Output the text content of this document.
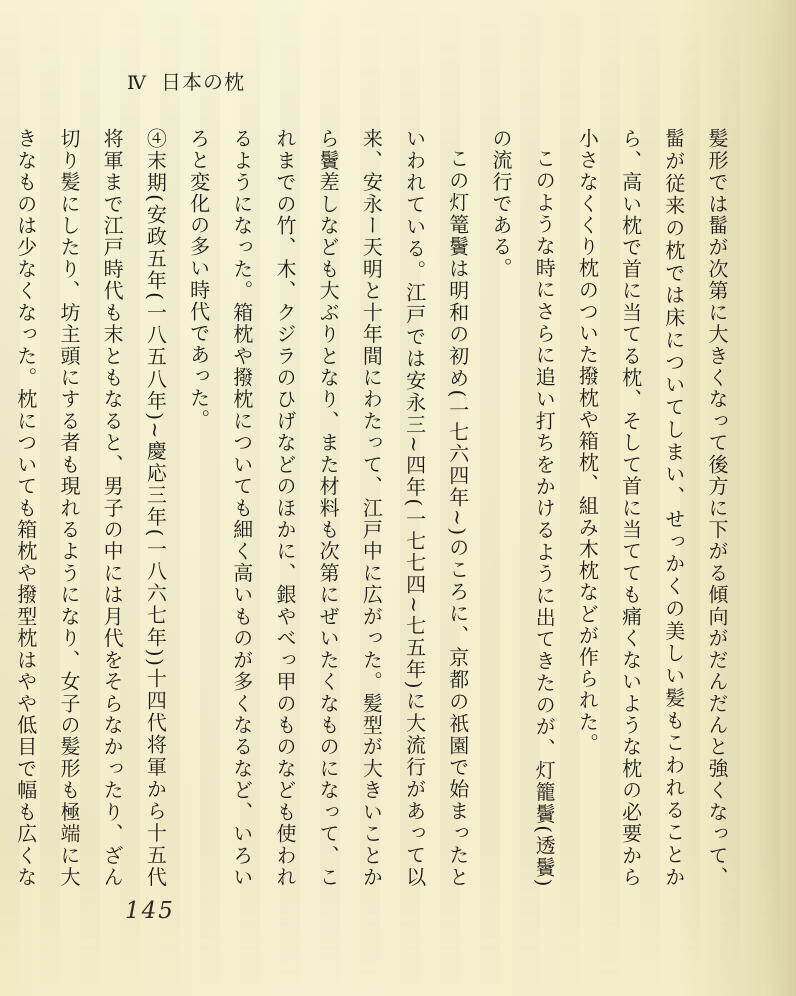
Ⅳ 日本の枕

髪形では髷が次第に大きくなって後方に下がる傾向がだんだんと強くなって、髷が従来の枕では床についてしまい、せっかくの美しい髪もこわれることから、高い枕で首に当てる枕、そして首に当てても痛くないような枕の必要から小さなくくり枕のついた撥枕や箱枕、組み木枕などが作られた。

このような時にさらに追い打ちをかけるように出てきたのが、灯籠鬢(透鬢)の流行である。

この灯篭鬢は明和の初め(一七六四年~)のころに、京都の祇園で始まったといわれている。江戸では安永三~四年(一七七四~七五年)に大流行があって以来、安永ー天明と十年間にわたって、江戸中に広がった。髪型が大きいことから鬢差しなども大ぶりとなり、また材料も次第にぜいたくなものになって、これまでの竹、木、クジラのひげなどのほかに、銀やべっ甲のものなども使われるようになった。箱枕や撥枕についても細く高いものが多くなるなど、いろいろと変化の多い時代であった。

④末期(安政五年(一八五八年)~慶応三年(一八六七年))十四代将軍から十五代将軍まで江戸時代も末ともなると、男子の中には月代をそらなかったり、ざん切り髪にしたり、坊主頭にする者も現れるようになり、女子の髪形も極端に大きなものは少なくなった。枕についても箱枕や撥型枕はやや低目で幅も広くな

145
